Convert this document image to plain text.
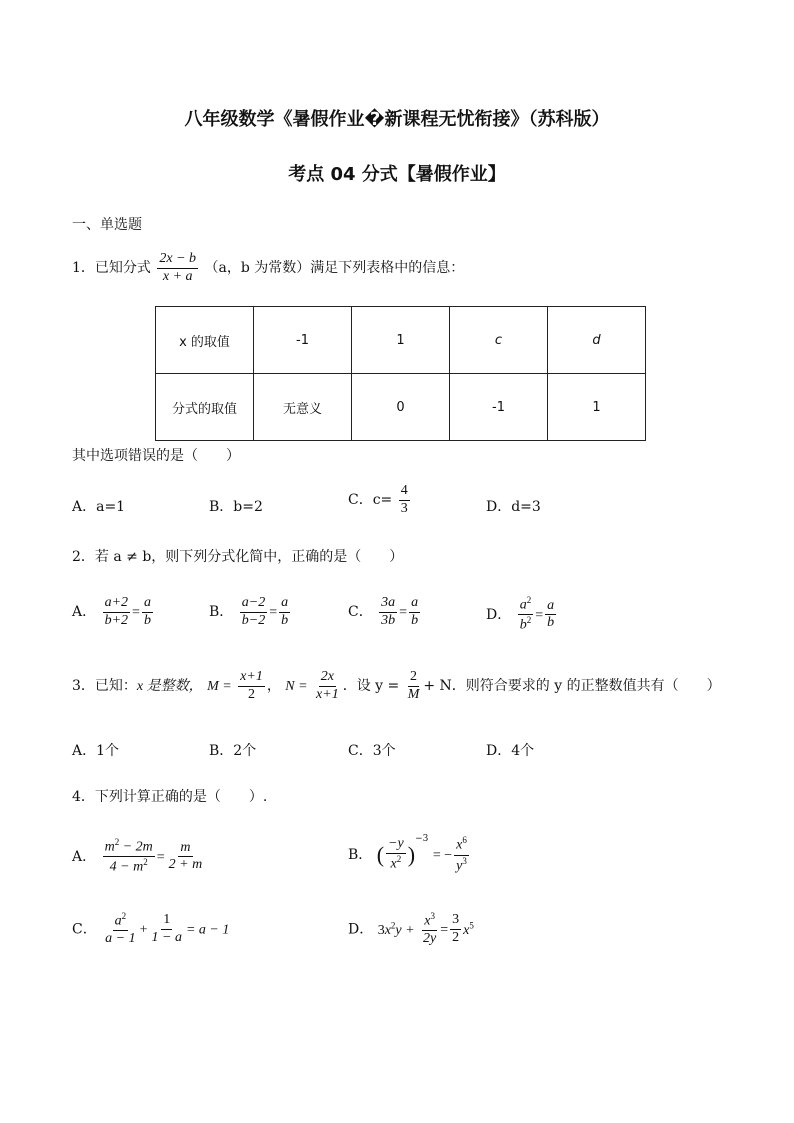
八年级数学《暑假作业�新课程无忧衔接》（苏科版）
考点 04 分式【暑假作业】
一、单选题
1．已知分式 $\frac{2x - b}{x + a} (a$，b 为常数）满足下列表格中的信息：
x 的取值	-1	1	c	d
分式的取值	无意义	0	-1	1
其中选项错误的是（　　）
A．a=1	B．b=2	C．$c= \frac{4}{3}$	D．d=3
2．若 a ≠ b，则下列分式化简中，正确的是（　　）
A． $\frac{a+2}{b+2} = \frac{a}{b}$	B． $\frac{a-2}{b-2} = \frac{a}{b}$	C． $\frac{3a}{3b} = \frac{a}{b}$	D． $\frac{a^2}{b^2} = \frac{a}{b}$
3．已知：x 是整数， $M = \frac{x+1}{2}$ ， $N = \frac{2x}{x+1}$ ．设 $y = \frac{2}{M} + N$．则符合要求的 y 的正整数值共有（　　）
A．1个	B．2个	C．3个	D．4个
4．下列计算正确的是（　　）.
A． $\frac{m^2 - 2m}{4 - m^2} = \frac{m}{2 + m}$	B． ( $\frac{-y}{x^2} )^{-3}$ = − $\frac{x^6}{y^3}$
C． $\frac{a^2}{a - 1} + \frac{1}{1 - a} = a - 1$	D． $3x^2y + \frac{x^3}{2y} = \frac{3}{2} x^5$
